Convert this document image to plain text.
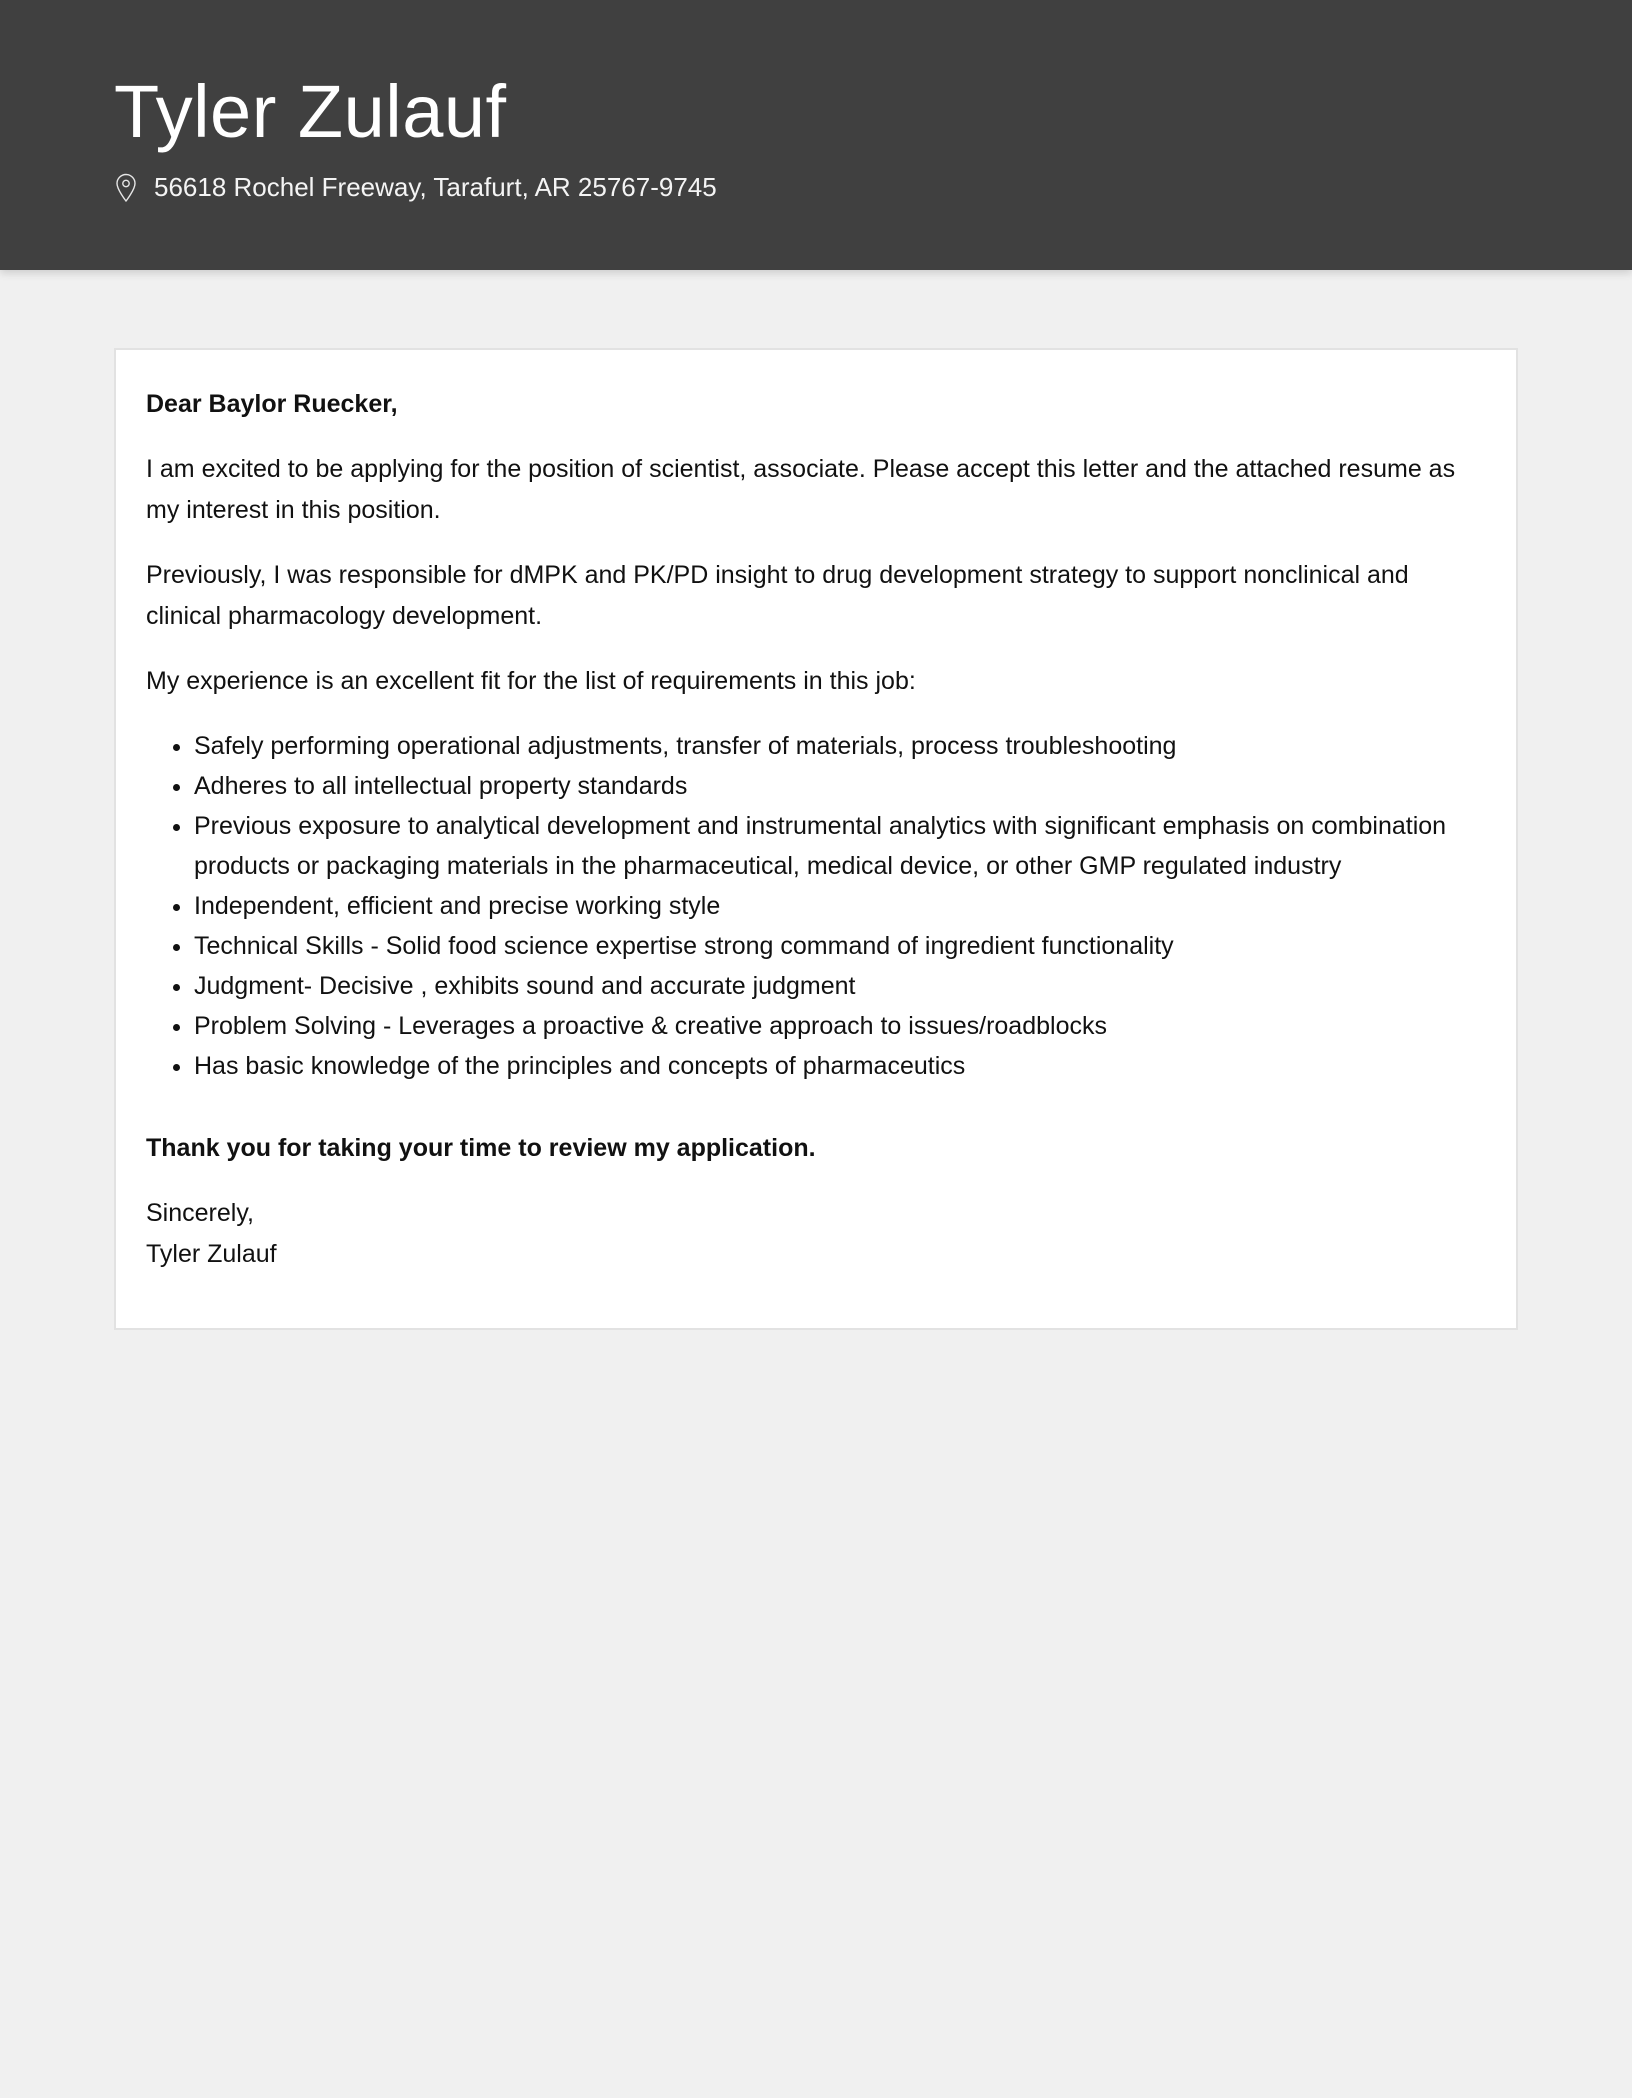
Tyler Zulauf
56618 Rochel Freeway, Tarafurt, AR 25767-9745

Dear Baylor Ruecker,

I am excited to be applying for the position of scientist, associate. Please accept this letter and the attached resume as my interest in this position.

Previously, I was responsible for dMPK and PK/PD insight to drug development strategy to support nonclinical and clinical pharmacology development.

My experience is an excellent fit for the list of requirements in this job:

• Safely performing operational adjustments, transfer of materials, process troubleshooting
• Adheres to all intellectual property standards
• Previous exposure to analytical development and instrumental analytics with significant emphasis on combination products or packaging materials in the pharmaceutical, medical device, or other GMP regulated industry
• Independent, efficient and precise working style
• Technical Skills - Solid food science expertise strong command of ingredient functionality
• Judgment- Decisive , exhibits sound and accurate judgment
• Problem Solving - Leverages a proactive & creative approach to issues/roadblocks
• Has basic knowledge of the principles and concepts of pharmaceutics

Thank you for taking your time to review my application.

Sincerely,
Tyler Zulauf
